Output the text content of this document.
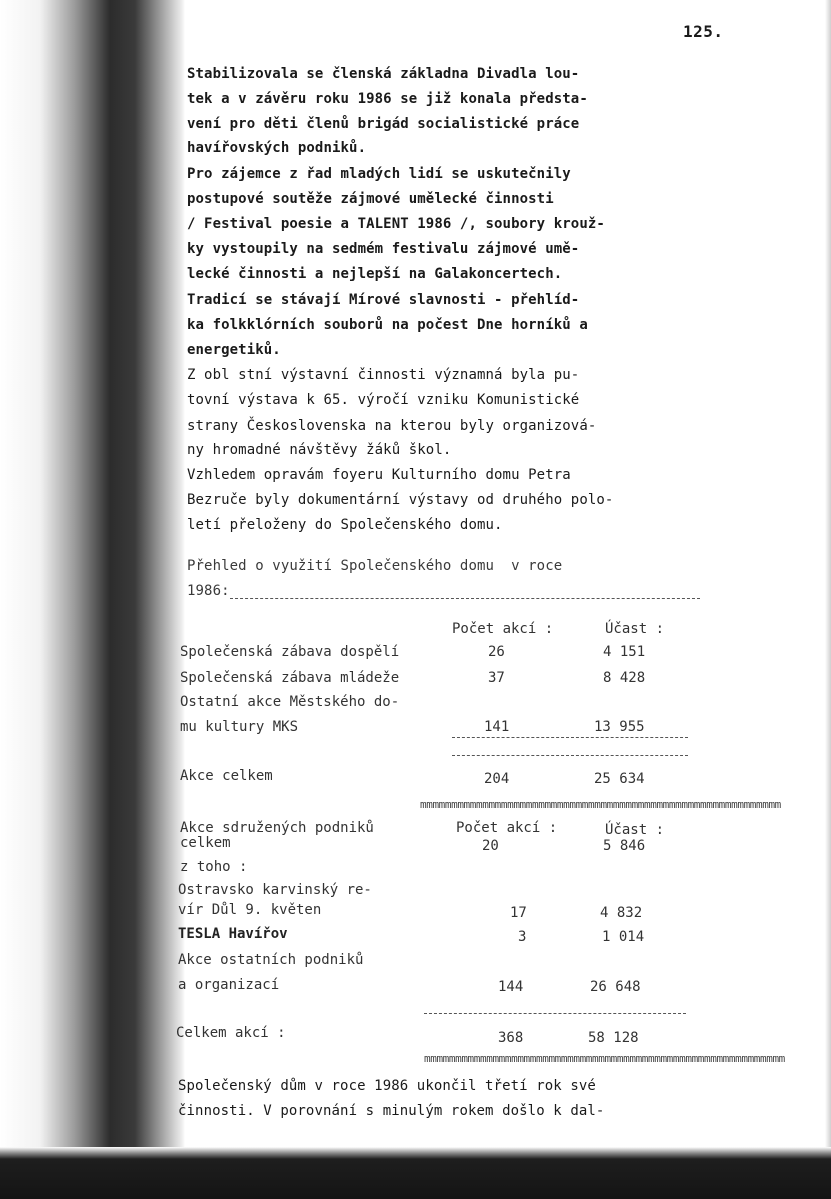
125.
Stabilizovala se členská základna Divadla lou-
tek a v závěru roku 1986 se již konala předsta-
vení pro děti členů brigád socialistické práce
havířovských podniků.
Pro zájemce z řad mladých lidí se uskutečnily
postupové soutěže zájmové umělecké činnosti
/ Festival poesie a TALENT 1986 /, soubory krouž-
ky vystoupily na sedmém festivalu zájmové umě-
lecké činnosti a nejlepší na Galakoncertech.
Tradicí se stávají Mírové slavnosti - přehlíd-
ka folkklórních souborů na počest Dne horníků a
energetiků.
Z obl stní výstavní činnosti významná byla pu-
tovní výstava k 65. výročí vzniku Komunistické
strany Československa na kterou byly organizová-
ny hromadné návštěvy žáků škol.
Vzhledem opravám foyeru Kulturního domu Petra
Bezruče byly dokumentární výstavy od druhého polo-
letí přeloženy do Společenského domu.
Přehled o využití Společenského domu  v roce
1986:
Počet akcí :	Účast :
Společenská zábava dospělí	26	4 151
Společenská zábava mládeže	37	8 428
Ostatní akce Městského do-
mu kultury MKS	141	13 955
Akce celkem	204	25 634
mmmmmmmmmmmmmmmmmmmmmmmmmmmmmmmmmmmmmmmmmmmmmmmmmmmmmmmmmm
Akce sdružených podniků
celkem
Počet akcí :	Účast :
20	5 846
z toho :
Ostravsko karvinský re-
vír Důl 9. květen	17	4 832
TESLA Havířov	3	1 014
Akce ostatních podniků
a organizací	144	26 648
Celkem akcí :	368	58 128
mmmmmmmmmmmmmmmmmmmmmmmmmmmmmmmmmmmmmmmmmmmmmmmmmmmmmmmmmm
Společenský dům v roce 1986 ukončil třetí rok své
činnosti. V porovnání s minulým rokem došlo k dal-
